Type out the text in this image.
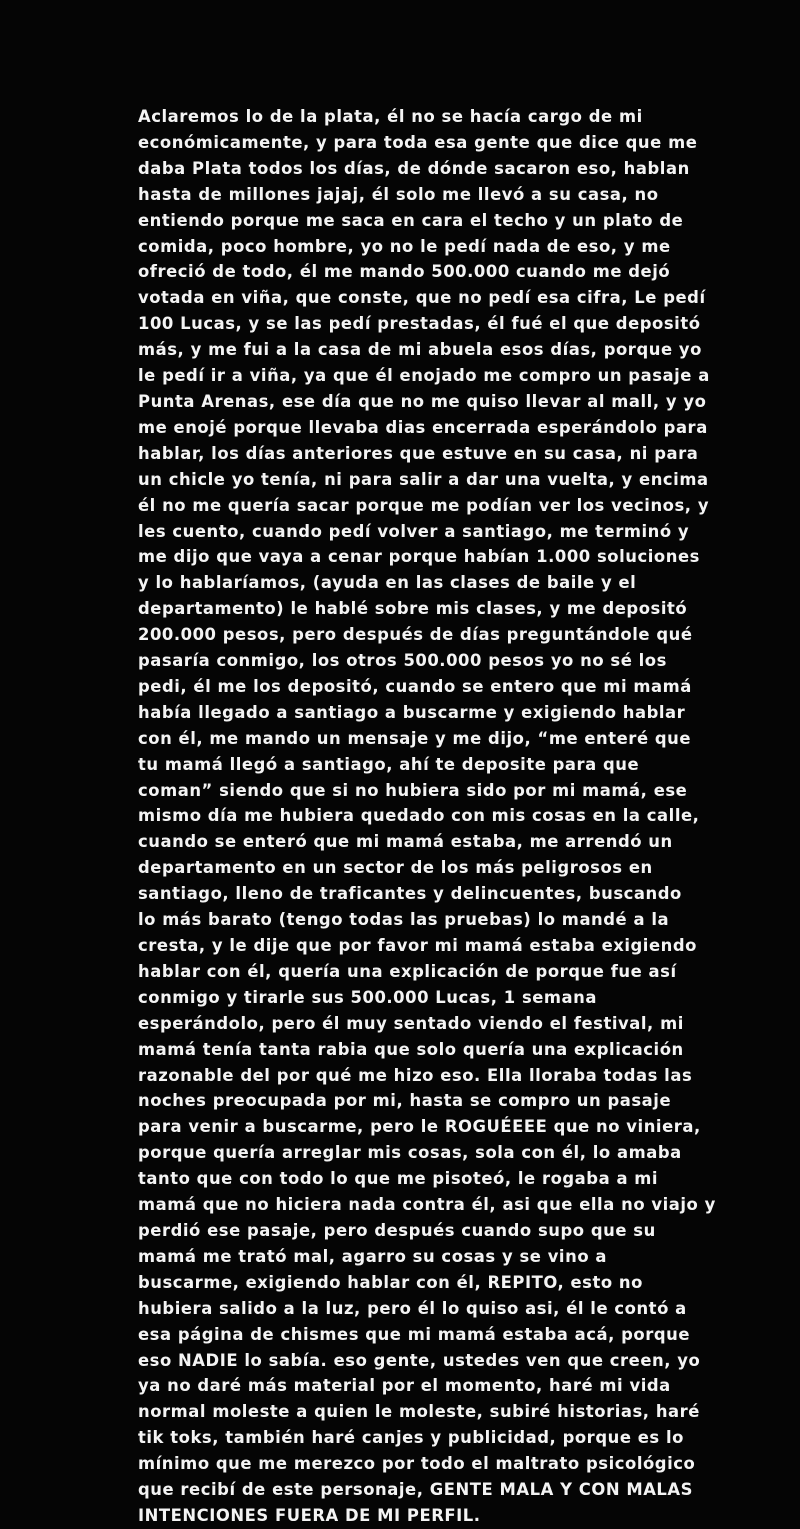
Aclaremos lo de la plata, él no se hacía cargo de mi
económicamente, y para toda esa gente que dice que me
daba Plata todos los días, de dónde sacaron eso, hablan
hasta de millones jajaj, él solo me llevó a su casa, no
entiendo porque me saca en cara el techo y un plato de
comida, poco hombre, yo no le pedí nada de eso, y me
ofreció de todo, él me mando 500.000 cuando me dejó
votada en viña, que conste, que no pedí esa cifra, Le pedí
100 Lucas, y se las pedí prestadas, él fué el que depositó
más, y me fui a la casa de mi abuela esos días, porque yo
le pedí ir a viña, ya que él enojado me compro un pasaje a
Punta Arenas, ese día que no me quiso llevar al mall, y yo
me enojé porque llevaba dias encerrada esperándolo para
hablar, los días anteriores que estuve en su casa, ni para
un chicle yo tenía, ni para salir a dar una vuelta, y encima
él no me quería sacar porque me podían ver los vecinos, y
les cuento, cuando pedí volver a santiago, me terminó y
me dijo que vaya a cenar porque habían 1.000 soluciones
y lo hablaríamos, (ayuda en las clases de baile y el
departamento) le hablé sobre mis clases, y me depositó
200.000 pesos, pero después de días preguntándole qué
pasaría conmigo, los otros 500.000 pesos yo no sé los
pedi, él me los depositó, cuando se entero que mi mamá
había llegado a santiago a buscarme y exigiendo hablar
con él, me mando un mensaje y me dijo, “me enteré que
tu mamá llegó a santiago, ahí te deposite para que
coman” siendo que si no hubiera sido por mi mamá, ese
mismo día me hubiera quedado con mis cosas en la calle,
cuando se enteró que mi mamá estaba, me arrendó un
departamento en un sector de los más peligrosos en
santiago, lleno de traficantes y delincuentes, buscando
lo más barato (tengo todas las pruebas) lo mandé a la
cresta, y le dije que por favor mi mamá estaba exigiendo
hablar con él, quería una explicación de porque fue así
conmigo y tirarle sus 500.000 Lucas, 1 semana
esperándolo, pero él muy sentado viendo el festival, mi
mamá tenía tanta rabia que solo quería una explicación
razonable del por qué me hizo eso. Ella lloraba todas las
noches preocupada por mi, hasta se compro un pasaje
para venir a buscarme, pero le ROGUÉEEE que no viniera,
porque quería arreglar mis cosas, sola con él, lo amaba
tanto que con todo lo que me pisoteó, le rogaba a mi
mamá que no hiciera nada contra él, asi que ella no viajo y
perdió ese pasaje, pero después cuando supo que su
mamá me trató mal, agarro su cosas y se vino a
buscarme, exigiendo hablar con él, REPITO, esto no
hubiera salido a la luz, pero él lo quiso asi, él le contó a
esa página de chismes que mi mamá estaba acá, porque
eso NADIE lo sabía. eso gente, ustedes ven que creen, yo
ya no daré más material por el momento, haré mi vida
normal moleste a quien le moleste, subiré historias, haré
tik toks, también haré canjes y publicidad, porque es lo
mínimo que me merezco por todo el maltrato psicológico
que recibí de este personaje, GENTE MALA Y CON MALAS
INTENCIONES FUERA DE MI PERFIL.
